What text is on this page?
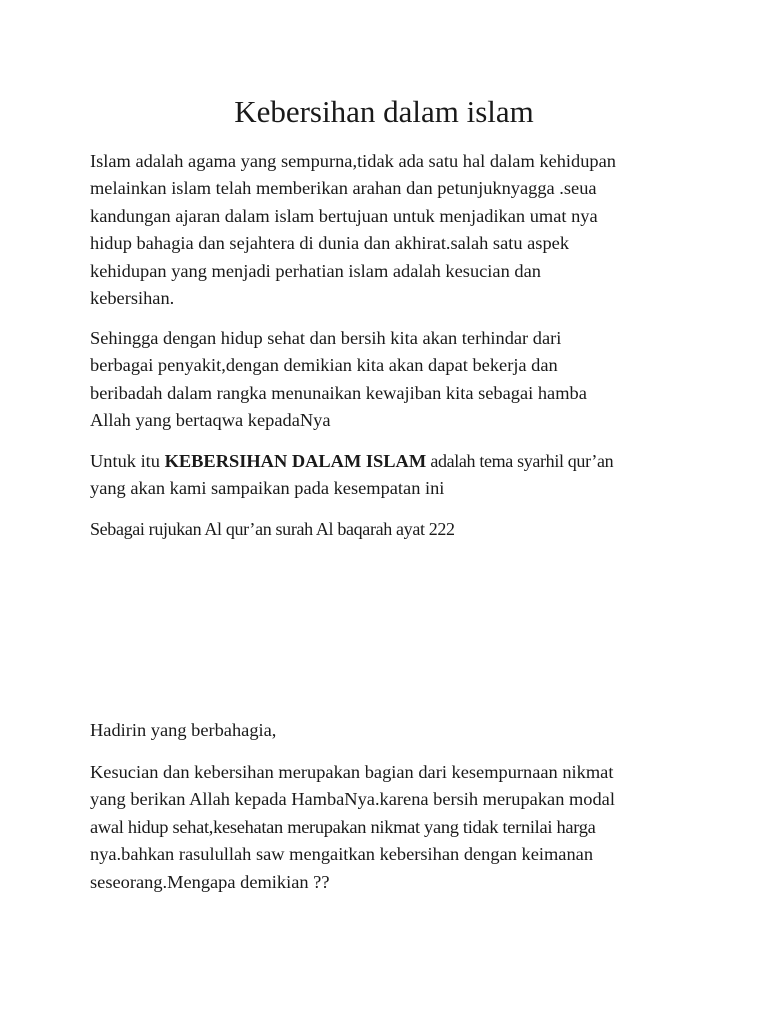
Kebersihan dalam islam

Islam adalah agama yang sempurna,tidak ada satu hal dalam kehidupan
melainkan islam telah memberikan arahan dan petunjuknyagga .seua
kandungan ajaran dalam islam bertujuan untuk menjadikan umat nya
hidup bahagia dan sejahtera di dunia dan akhirat.salah satu aspek
kehidupan yang menjadi perhatian islam adalah kesucian dan
kebersihan.

Sehingga dengan hidup sehat dan bersih kita akan terhindar dari
berbagai penyakit,dengan demikian kita akan dapat bekerja dan
beribadah dalam rangka menunaikan kewajiban kita sebagai hamba
Allah yang bertaqwa kepadaNya

Untuk itu KEBERSIHAN DALAM ISLAM adalah tema syarhil qur’an
yang akan kami sampaikan pada kesempatan ini

Sebagai rujukan Al qur’an surah Al baqarah ayat 222

Hadirin yang berbahagia,

Kesucian dan kebersihan merupakan bagian dari kesempurnaan nikmat
yang berikan Allah kepada HambaNya.karena bersih merupakan modal
awal hidup sehat,kesehatan merupakan nikmat yang tidak ternilai harga
nya.bahkan rasulullah saw mengaitkan kebersihan dengan keimanan
seseorang.Mengapa demikian ??
